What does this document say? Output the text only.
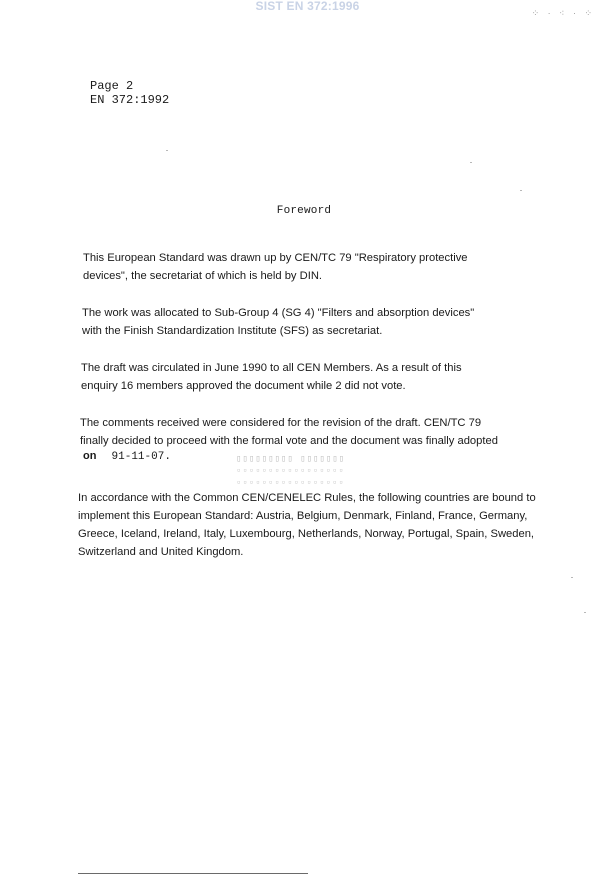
SIST EN 372:1996	⁘ · ⁖ · ⁘
Page 2
EN 372:1992
Foreword
This European Standard was drawn up by CEN/TC 79 "Respiratory protective
devices", the secretariat of which is held by DIN.
The work was allocated to Sub-Group 4 (SG 4) "Filters and absorption devices"
with the Finish Standardization Institute (SFS) as secretariat.
The draft was circulated in June 1990 to all CEN Members. As a result of this
enquiry 16 members approved the document while 2 did not vote.
The comments received were considered for the revision of the draft. CEN/TC 79
finally decided to proceed with the formal vote and the document was finally adopted
on 91-11-07.	▯▯▯▯▯▯▯▯▯ ▯▯▯▯▯▯▯
▫▫▫▫▫▫▫▫▫▫▫▫▫▫▫▫▫
▫▫▫▫▫▫▫▫▫▫▫▫▫▫▫▫▫
In accordance with the Common CEN/CENELEC Rules, the following countries are bound to
implement this European Standard: Austria, Belgium, Denmark, Finland, France, Germany,
Greece, Iceland, Ireland, Italy, Luxembourg, Netherlands, Norway, Portugal, Spain, Sweden,
Switzerland and United Kingdom.
